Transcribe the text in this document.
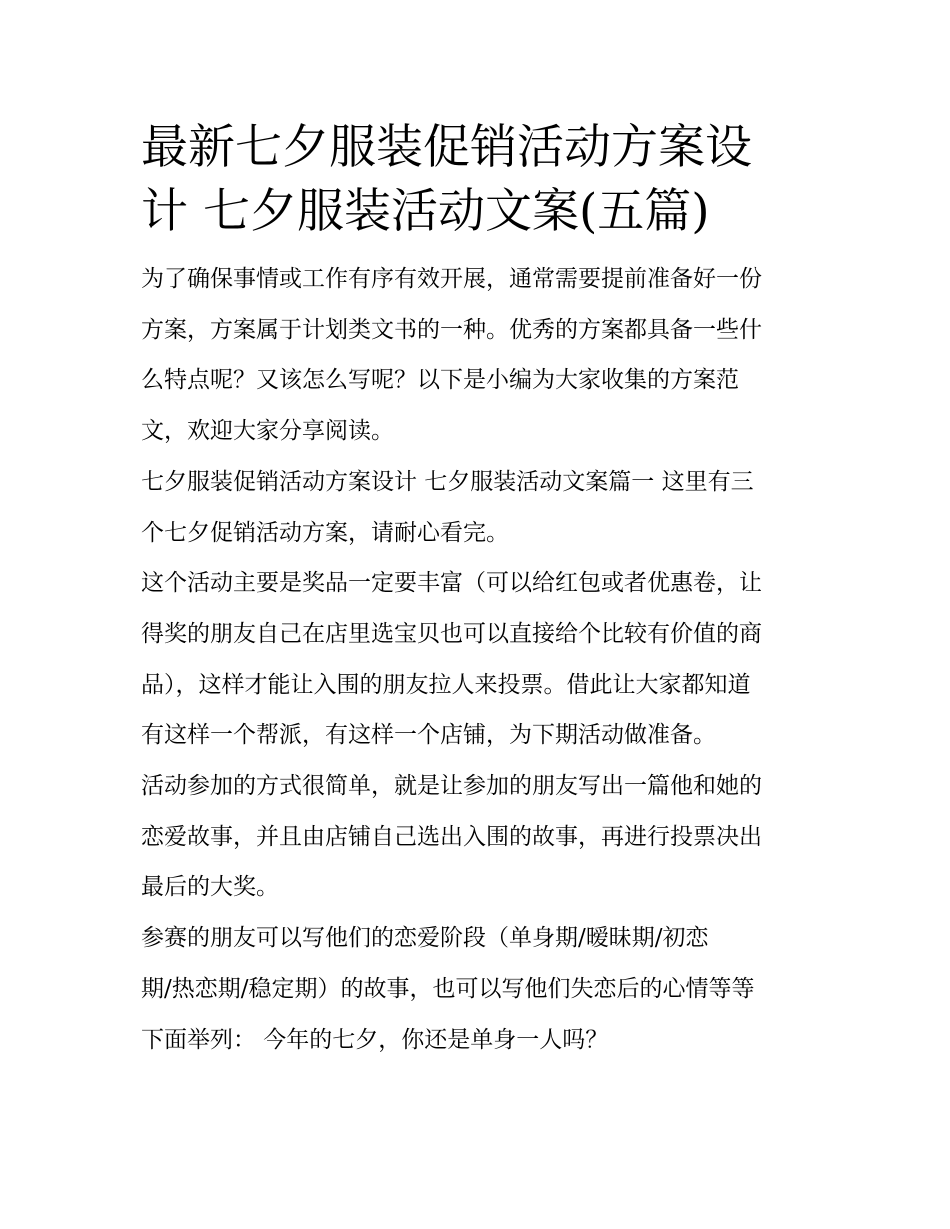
最新七夕服装促销活动方案设
计 七夕服装活动文案(五篇)

为了确保事情或工作有序有效开展，通常需要提前准备好一份
方案，方案属于计划类文书的一种。优秀的方案都具备一些什
么特点呢？又该怎么写呢？以下是小编为大家收集的方案范
文，欢迎大家分享阅读。

七夕服装促销活动方案设计 七夕服装活动文案篇一 这里有三
个七夕促销活动方案，请耐心看完。

这个活动主要是奖品一定要丰富（可以给红包或者优惠卷，让
得奖的朋友自己在店里选宝贝也可以直接给个比较有价值的商
品），这样才能让入围的朋友拉人来投票。借此让大家都知道
有这样一个帮派，有这样一个店铺，为下期活动做准备。

活动参加的方式很简单，就是让参加的朋友写出一篇他和她的
恋爱故事，并且由店铺自己选出入围的故事，再进行投票决出
最后的大奖。

参赛的朋友可以写他们的恋爱阶段（单身期/暧昧期/初恋
期/热恋期/稳定期）的故事，也可以写他们失恋后的心情等等
下面举列： 今年的七夕，你还是单身一人吗？
